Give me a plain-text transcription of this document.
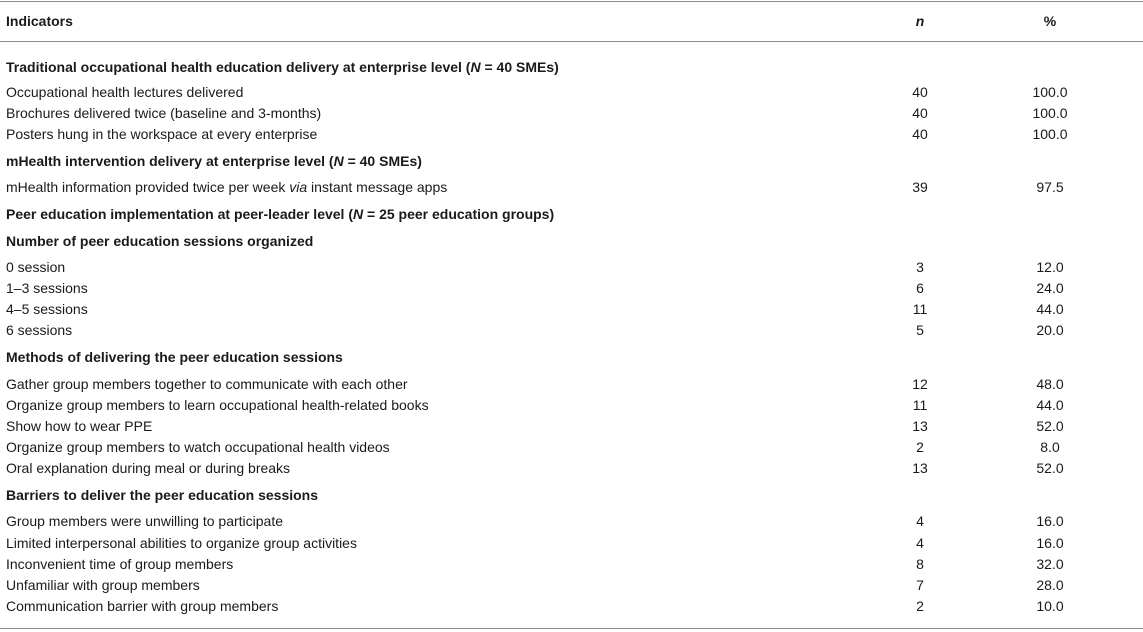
Indicators	n	%
Traditional occupational health education delivery at enterprise level (N = 40 SMEs)
Occupational health lectures delivered	40	100.0
Brochures delivered twice (baseline and 3-months)	40	100.0
Posters hung in the workspace at every enterprise	40	100.0
mHealth intervention delivery at enterprise level (N = 40 SMEs)
mHealth information provided twice per week via instant message apps	39	97.5
Peer education implementation at peer-leader level (N = 25 peer education groups)
Number of peer education sessions organized
0 session	3	12.0
1–3 sessions	6	24.0
4–5 sessions	11	44.0
6 sessions	5	20.0
Methods of delivering the peer education sessions
Gather group members together to communicate with each other	12	48.0
Organize group members to learn occupational health-related books	11	44.0
Show how to wear PPE	13	52.0
Organize group members to watch occupational health videos	2	8.0
Oral explanation during meal or during breaks	13	52.0
Barriers to deliver the peer education sessions
Group members were unwilling to participate	4	16.0
Limited interpersonal abilities to organize group activities	4	16.0
Inconvenient time of group members	8	32.0
Unfamiliar with group members	7	28.0
Communication barrier with group members	2	10.0
